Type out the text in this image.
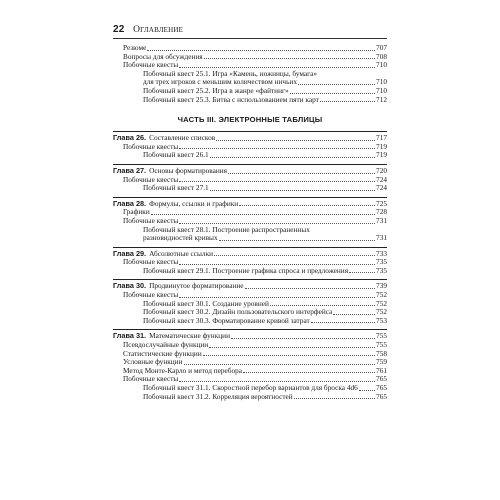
22 Оглавление
Резюме	707
Вопросы для обсуждения	708
Побочные квесты	710
Побочный квест 25.1. Игра «Камень, ножницы, бумага»
для трех игроков с меньшим количеством ничьих	710
Побочный квест 25.2. Игра в жанре «файтинг»	710
Побочный квест 25.3. Битва с использованием пяти карт	712
ЧАСТЬ III. ЭЛЕКТРОННЫЕ ТАБЛИЦЫ
Глава 26. Составление списков	717
Побочные квесты	719
Побочный квест 26.1	719
Глава 27. Основы форматирования	720
Побочные квесты	724
Побочный квест 27.1	724
Глава 28. Формулы, ссылки и графики	725
Графики	728
Побочные квесты	731
Побочный квест 28.1. Построение распространенных
разновидностей кривых	731
Глава 29. Абсолютные ссылки	733
Побочные квесты	735
Побочный квест 29.1. Построение графика спроса и предложения	735
Глава 30. Продвинутое форматирование	739
Побочные квесты	752
Побочный квест 30.1. Создание уровней	752
Побочный квест 30.2. Дизайн пользовательского интерфейса	752
Побочный квест 30.3. Форматирование кривой затрат	753
Глава 31. Математические функции	755
Псевдослучайные функции	755
Статистические функции	758
Условные функции	759
Метод Монте-Карло и метод перебора	761
Побочные квесты	765
Побочный квест 31.1. Скоростной перебор вариантов для броска 4d6	765
Побочный квест 31.2. Корреляция вероятностей	765
